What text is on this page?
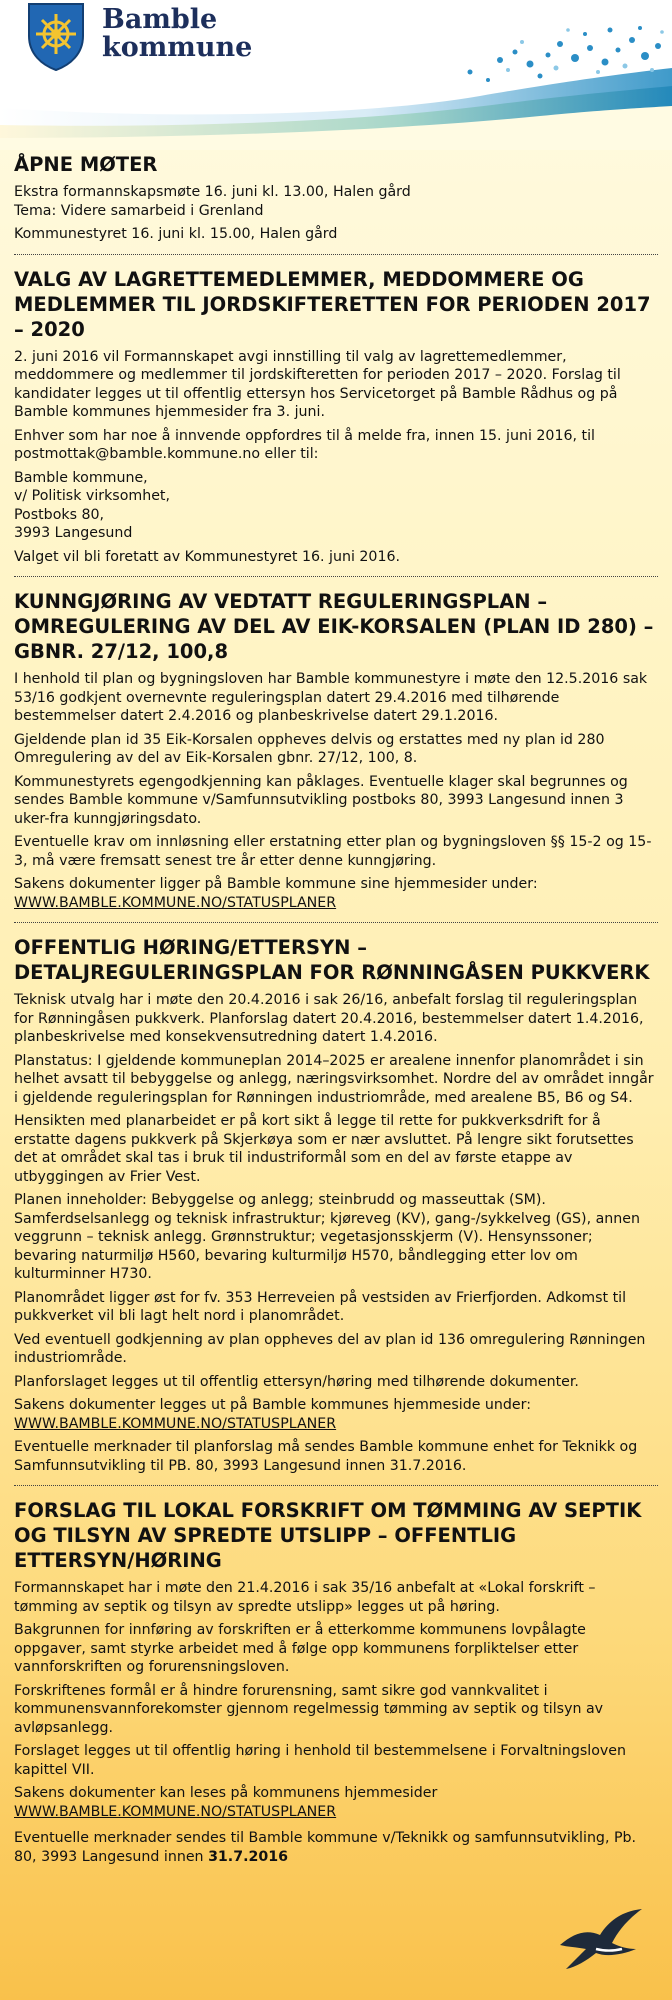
Bamble
kommune
ÅPNE MØTER

Ekstra formannskapsmøte 16. juni kl. 13.00, Halen gård

Tema: Videre samarbeid i Grenland

Kommunestyret 16. juni kl. 15.00, Halen gård

VALG AV LAGRETTEMEDLEMMER, MEDDOMMERE OG MEDLEMMER TIL JORDSKIFTERETTEN FOR PERIODEN 2017 – 2020

2. juni 2016 vil Formannskapet avgi innstilling til valg av lagrettemedlemmer, meddommere og medlemmer til jordskifteretten for perioden 2017 – 2020. Forslag til kandidater legges ut til offentlig ettersyn hos Servicetorget på Bamble Rådhus og på Bamble kommunes hjemmesider fra 3. juni.

Enhver som har noe å innvende oppfordres til å melde fra, innen 15. juni 2016, til postmottak@bamble.kommune.no eller til:

Bamble kommune,

v/ Politisk virksomhet,

Postboks 80,

3993 Langesund

Valget vil bli foretatt av Kommunestyret 16. juni 2016.

KUNNGJØRING AV VEDTATT REGULERINGSPLAN – OMREGULERING AV DEL AV EIK-KORSALEN (PLAN ID 280) – GBNR. 27/12, 100,8

I henhold til plan og bygningsloven har Bamble kommunestyre i møte den 12.5.2016 sak 53/16 godkjent overnevnte reguleringsplan datert 29.4.2016 med tilhørende bestemmelser datert 2.4.2016 og planbeskrivelse datert 29.1.2016.

Gjeldende plan id 35 Eik-Korsalen oppheves delvis og erstattes med ny plan id 280 Omregulering av del av Eik-Korsalen gbnr. 27/12, 100, 8.

Kommunestyrets egengodkjenning kan påklages. Eventuelle klager skal begrunnes og sendes Bamble kommune v/Samfunnsutvikling postboks 80, 3993 Langesund innen 3 uker-fra kunngjøringsdato.

Eventuelle krav om innløsning eller erstatning etter plan og bygningsloven §§ 15-2 og 15-3, må være fremsatt senest tre år etter denne kunngjøring.

Sakens dokumenter ligger på Bamble kommune sine hjemmesider under:

WWW.BAMBLE.KOMMUNE.NO/STATUSPLANER

OFFENTLIG HØRING/ETTERSYN – DETALJREGULERINGSPLAN FOR RØNNINGÅSEN PUKKVERK

Teknisk utvalg har i møte den 20.4.2016 i sak 26/16, anbefalt forslag til reguleringsplan for Rønningåsen pukkverk. Planforslag datert 20.4.2016, bestemmelser datert 1.4.2016, planbeskrivelse med konsekvensutredning datert 1.4.2016.

Planstatus: I gjeldende kommuneplan 2014–2025 er arealene innenfor planområdet i sin helhet avsatt til bebyggelse og anlegg, næringsvirksomhet. Nordre del av området inngår i gjeldende reguleringsplan for Rønningen industriområde, med arealene B5, B6 og S4.

Hensikten med planarbeidet er på kort sikt å legge til rette for pukkverksdrift for å erstatte dagens pukkverk på Skjerkøya som er nær avsluttet. På lengre sikt forutsettes det at området skal tas i bruk til industriformål som en del av første etappe av utbyggingen av Frier Vest.

Planen inneholder: Bebyggelse og anlegg; steinbrudd og masseuttak (SM). Samferdselsanlegg og teknisk infrastruktur; kjøreveg (KV), gang-/sykkelveg (GS), annen veggrunn – teknisk anlegg. Grønnstruktur; vegetasjonsskjerm (V). Hensynssoner; bevaring naturmiljø H560, bevaring kulturmiljø H570, båndlegging etter lov om kulturminner H730.

Planområdet ligger øst for fv. 353 Herreveien på vestsiden av Frierfjorden. Adkomst til pukkverket vil bli lagt helt nord i planområdet.

Ved eventuell godkjenning av plan oppheves del av plan id 136 omregulering Rønningen industriområde.

Planforslaget legges ut til offentlig ettersyn/høring med tilhørende dokumenter.

Sakens dokumenter legges ut på Bamble kommunes hjemmeside under:

WWW.BAMBLE.KOMMUNE.NO/STATUSPLANER

Eventuelle merknader til planforslag må sendes Bamble kommune enhet for Teknikk og Samfunnsutvikling til PB. 80, 3993 Langesund innen 31.7.2016.

FORSLAG TIL LOKAL FORSKRIFT OM TØMMING AV SEPTIK OG TILSYN AV SPREDTE UTSLIPP – OFFENTLIG ETTERSYN/HØRING

Formannskapet har i møte den 21.4.2016 i sak 35/16 anbefalt at «Lokal forskrift – tømming av septik og tilsyn av spredte utslipp» legges ut på høring.

Bakgrunnen for innføring av forskriften er å etterkomme kommunens lovpålagte oppgaver, samt styrke arbeidet med å følge opp kommunens forpliktelser etter vannforskriften og forurensningsloven.

Forskriftenes formål er å hindre forurensning, samt sikre god vannkvalitet i kommunensvannforekomster gjennom regelmessig tømming av septik og tilsyn av avløpsanlegg.

Forslaget legges ut til offentlig høring i henhold til bestemmelsene i Forvaltningsloven kapittel VII.

Sakens dokumenter kan leses på kommunens hjemmesider

WWW.BAMBLE.KOMMUNE.NO/STATUSPLANER

Eventuelle merknader sendes til Bamble kommune v/Teknikk og samfunnsutvikling, Pb. 80, 3993 Langesund innen 31.7.2016
